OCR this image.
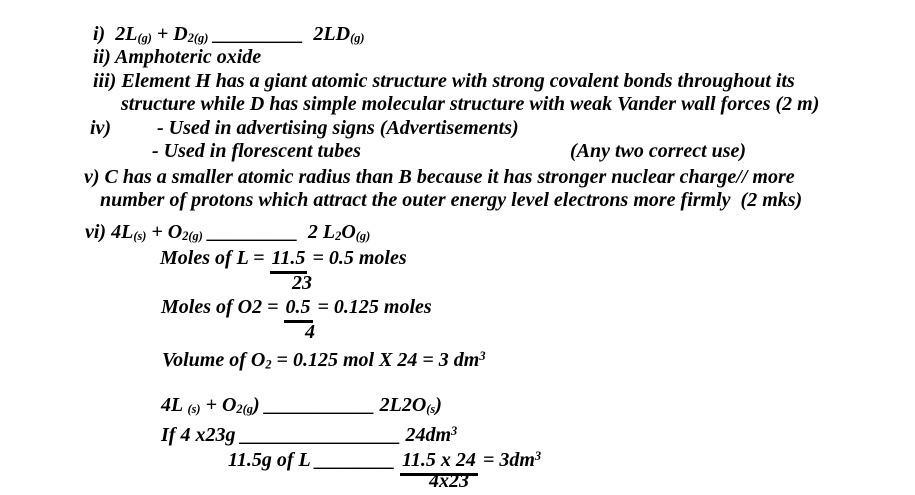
i)  2L(g) + D2(g) _________  2LD(g)
ii) Amphoteric oxide
iii) Element H has a giant atomic structure with strong covalent bonds throughout its
structure while D has simple molecular structure with weak Vander wall forces (2 m)
iv) - Used in advertising signs (Advertisements)
- Used in florescent tubes	(Any two correct use)
v) C has a smaller atomic radius than B because it has stronger nuclear charge// more
number of protons which attract the outer energy level electrons more firmly  (2 mks)
vi) 4L(s) + O2(g) _________  2 L2O(g)
Moles of L = 11.5 = 0.5 moles
23
Moles of O2 = 0.5 = 0.125 moles
4
Volume of O2 = 0.125 mol X 24 = 3 $dm^3$
4L (s) + O2(g) ___________ 2L2O(s)
If 4 x23g ________________ $24dm^3$
11.5g of L ________ 11.5 x $24 = 3dm^3$
4x23
